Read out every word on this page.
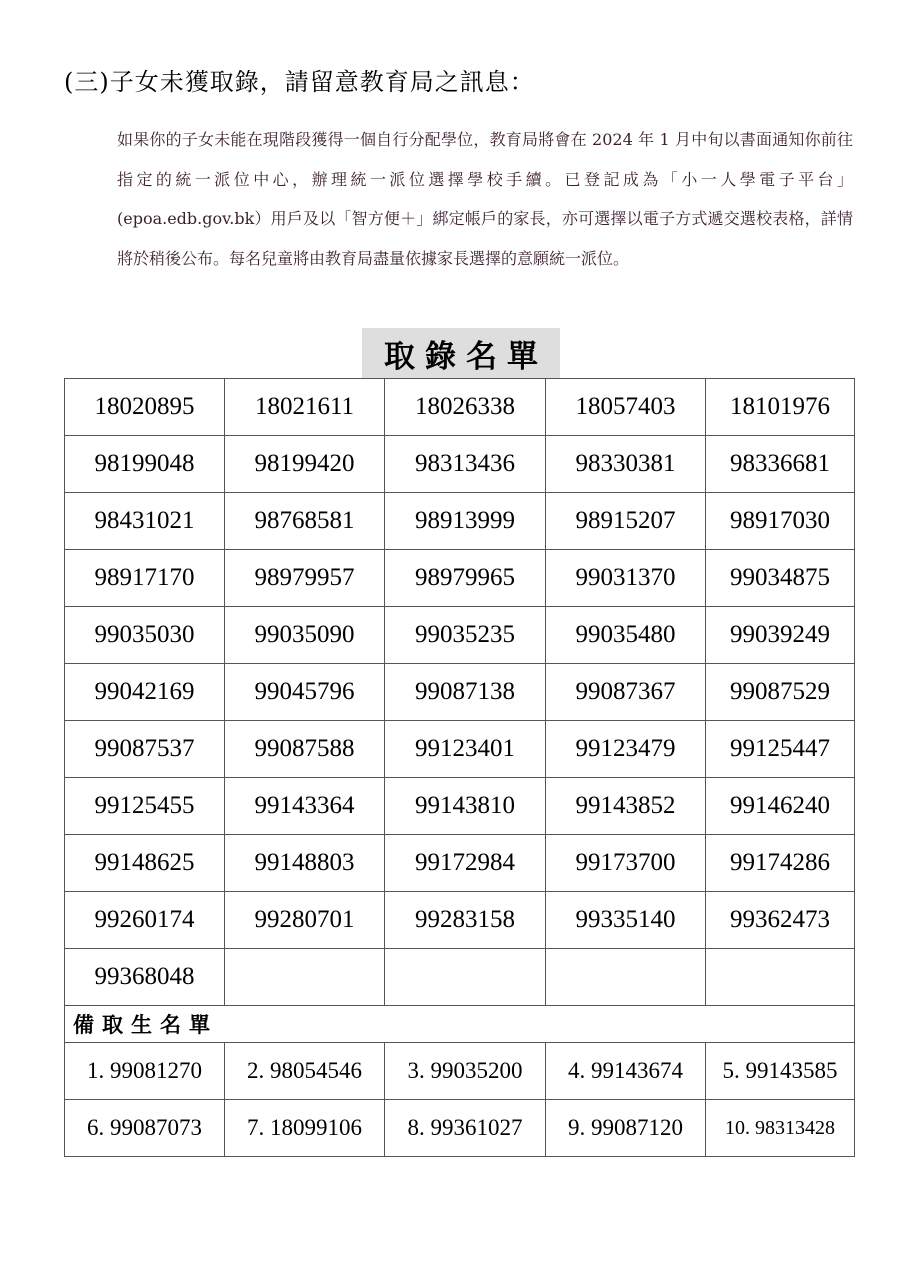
(三)子女未獲取錄，請留意教育局之訊息：
如果你的子女未能在現階段獲得一個自行分配學位，教育局將會在 2024 年 1 月中旬以書面通知你前往指定的統一派位中心，辦理統一派位選擇學校手續。已登記成為「小一人學電子平台」(epoa.edb.gov.bk）用戶及以「智方便＋」綁定帳戶的家長，亦可選擇以電子方式遞交選校表格，詳情將於稍後公布。每名兒童將由教育局盡量依據家長選擇的意願統一派位。
取錄名單
18020895	18021611	18026338	18057403	18101976
98199048	98199420	98313436	98330381	98336681
98431021	98768581	98913999	98915207	98917030
98917170	98979957	98979965	99031370	99034875
99035030	99035090	99035235	99035480	99039249
99042169	99045796	99087138	99087367	99087529
99087537	99087588	99123401	99123479	99125447
99125455	99143364	99143810	99143852	99146240
99148625	99148803	99172984	99173700	99174286
99260174	99280701	99283158	99335140	99362473
99368048				
備取生名單				
1. 99081270	2. 98054546	3. 99035200	4. 99143674	5. 99143585
6. 99087073	7. 18099106	8. 99361027	9. 99087120	10. 98313428
